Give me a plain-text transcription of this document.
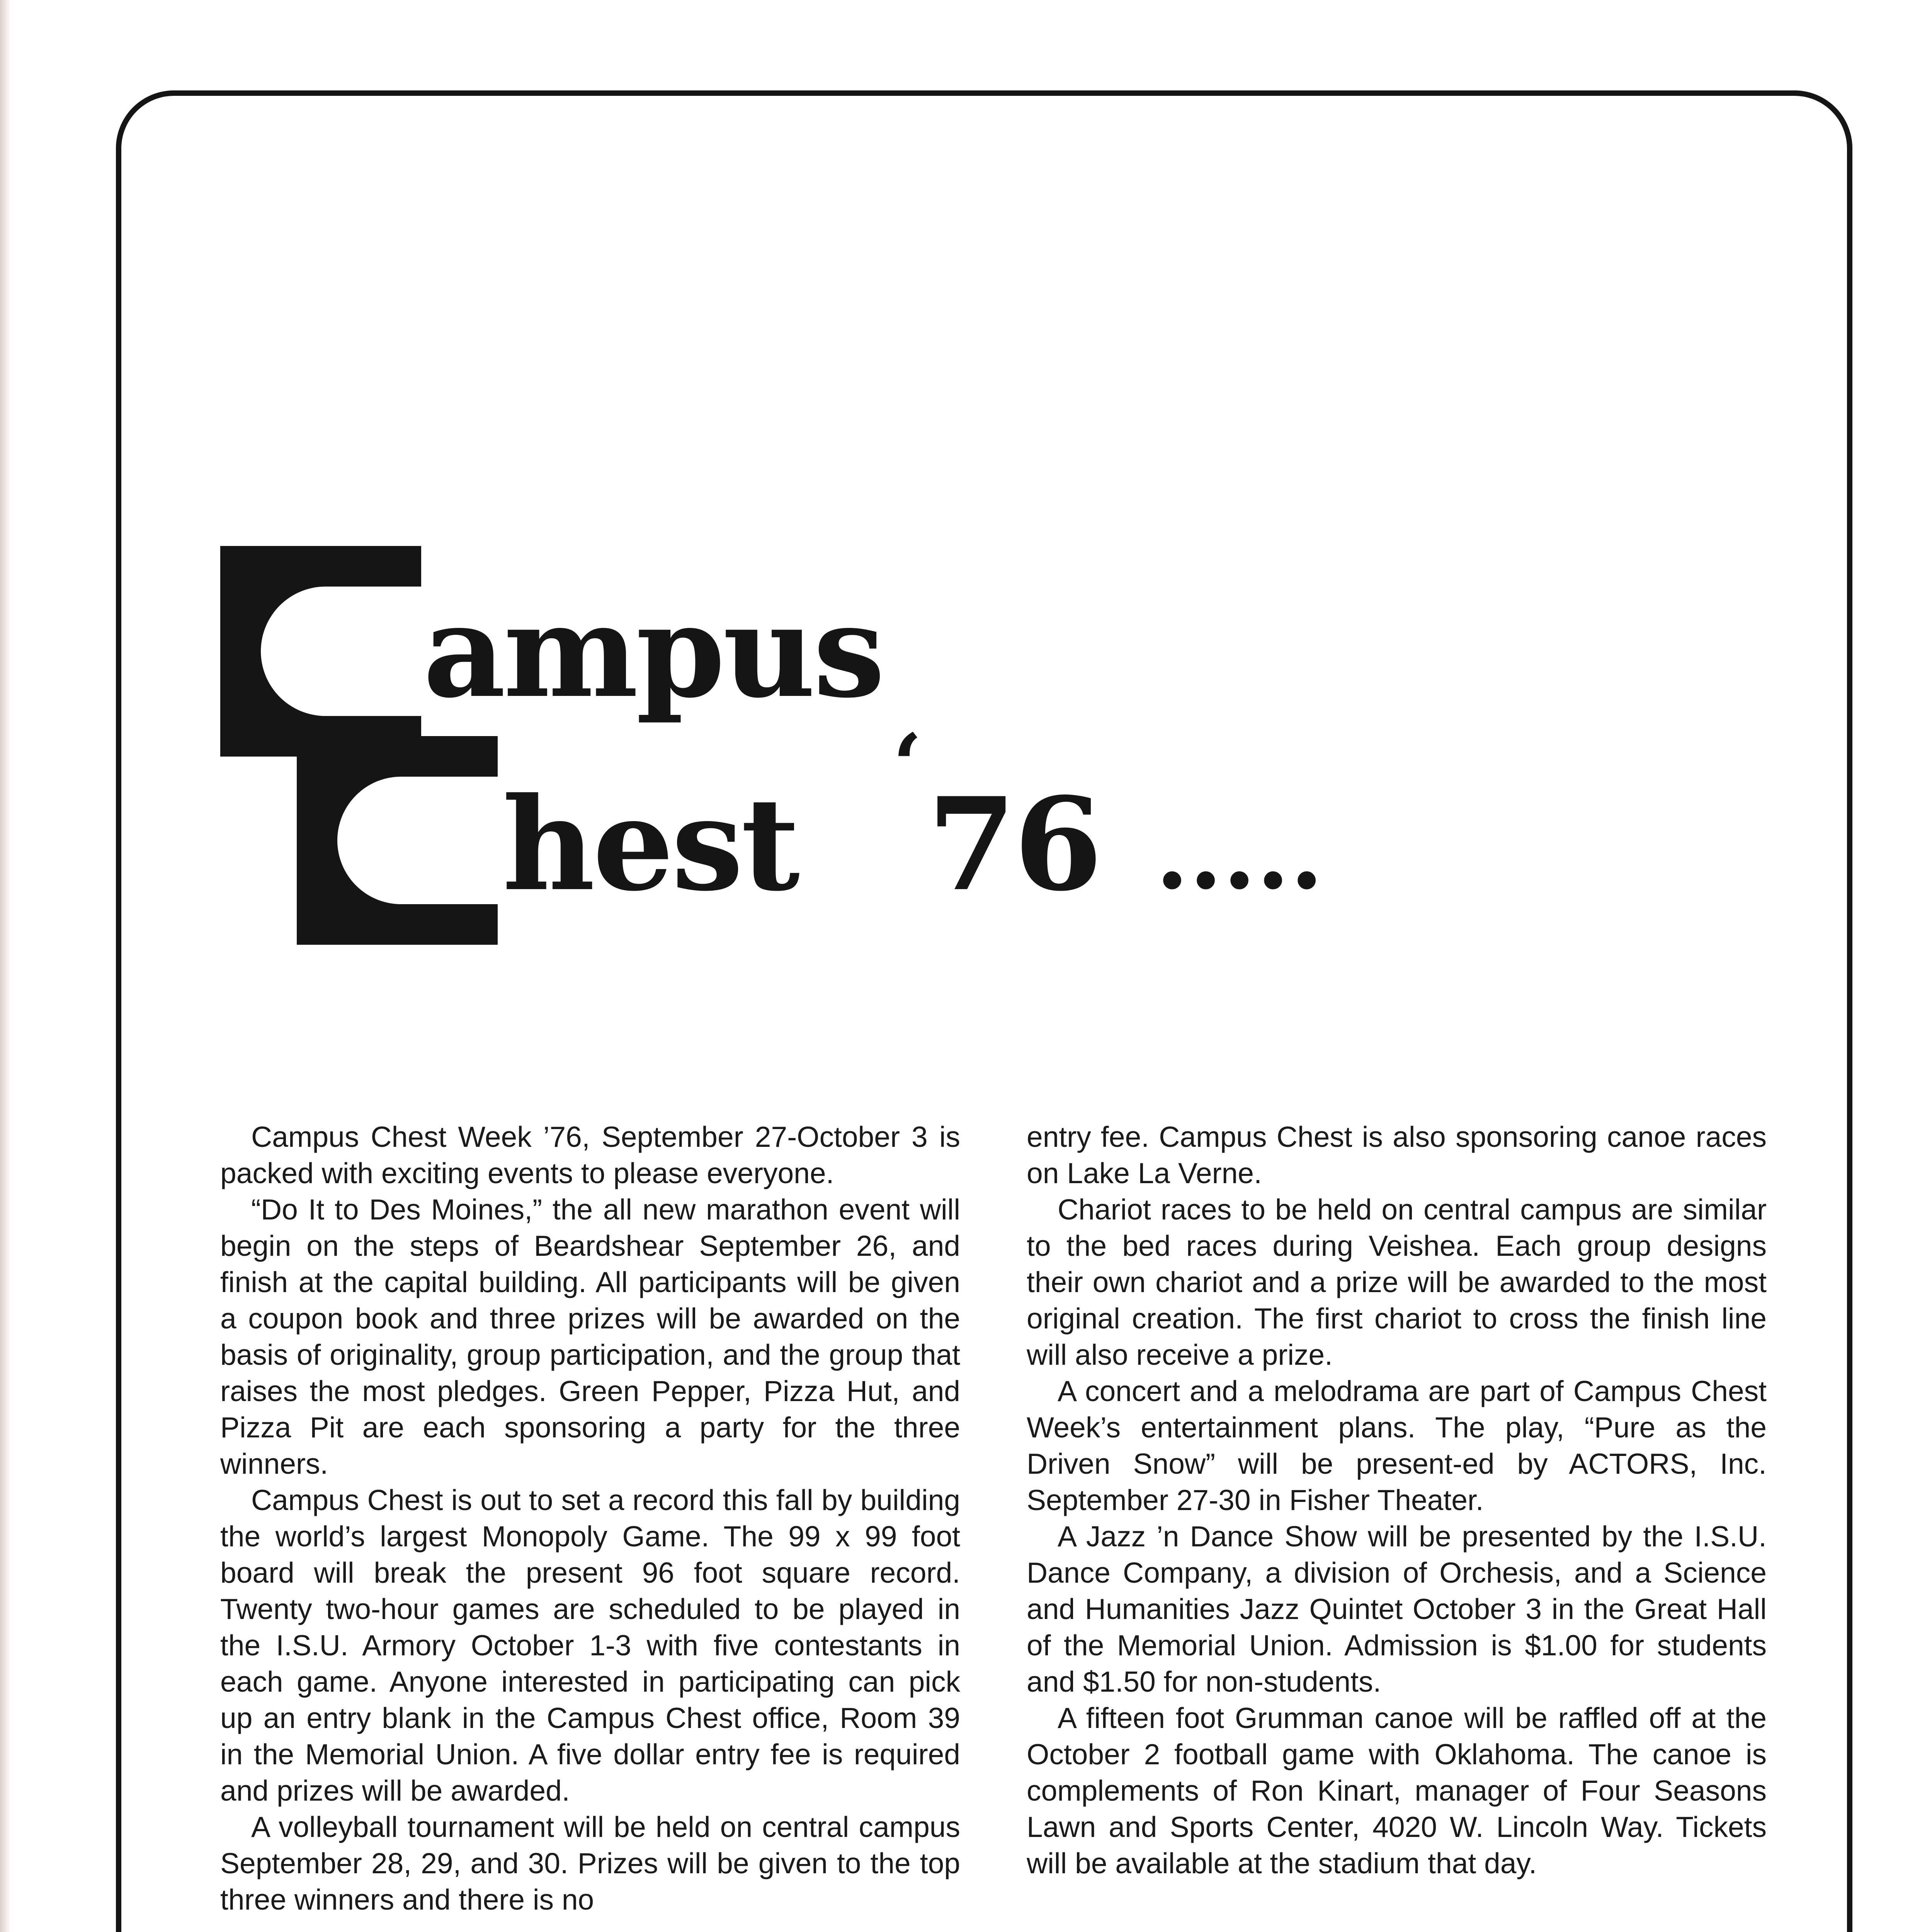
ampus
hest
‘
76 .....

Campus Chest Week ’76, September 27-October 3 is packed with exciting events to please everyone.

“Do It to Des Moines,” the all new marathon event will begin on the steps of Beardshear September 26, and finish at the capital building. All participants will be given a coupon book and three prizes will be awarded on the basis of originality, group participation, and the group that raises the most pledges. Green Pepper, Pizza Hut, and Pizza Pit are each sponsoring a party for the three winners.

Campus Chest is out to set a record this fall by building the world’s largest Monopoly Game. The 99 x 99 foot board will break the present 96 foot square record. Twenty two-hour games are scheduled to be played in the I.S.U. Armory October 1-3 with five contestants in each game. Anyone interested in participating can pick up an entry blank in the Campus Chest office, Room 39 in the Memorial Union. A five dollar entry fee is required and prizes will be awarded.

A volleyball tournament will be held on central campus September 28, 29, and 30. Prizes will be given to the top three winners and there is no

entry fee. Campus Chest is also sponsoring canoe races on Lake La Verne.

Chariot races to be held on central campus are similar to the bed races during Veishea. Each group designs their own chariot and a prize will be awarded to the most original creation. The first chariot to cross the finish line will also receive a prize.

A concert and a melodrama are part of Campus Chest Week’s entertainment plans. The play, “Pure as the Driven Snow” will be present-ed by ACTORS, Inc. September 27-30 in Fisher Theater.

A Jazz ’n Dance Show will be presented by the I.S.U. Dance Company, a division of Orchesis, and a Science and Humanities Jazz Quintet October 3 in the Great Hall of the Memorial Union. Admission is $1.00 for students and $1.50 for non-students.

A fifteen foot Grumman canoe will be raffled off at the October 2 football game with Oklahoma. The canoe is complements of Ron Kinart, manager of Four Seasons Lawn and Sports Center, 4020 W. Lincoln Way. Tickets will be available at the stadium that day.
